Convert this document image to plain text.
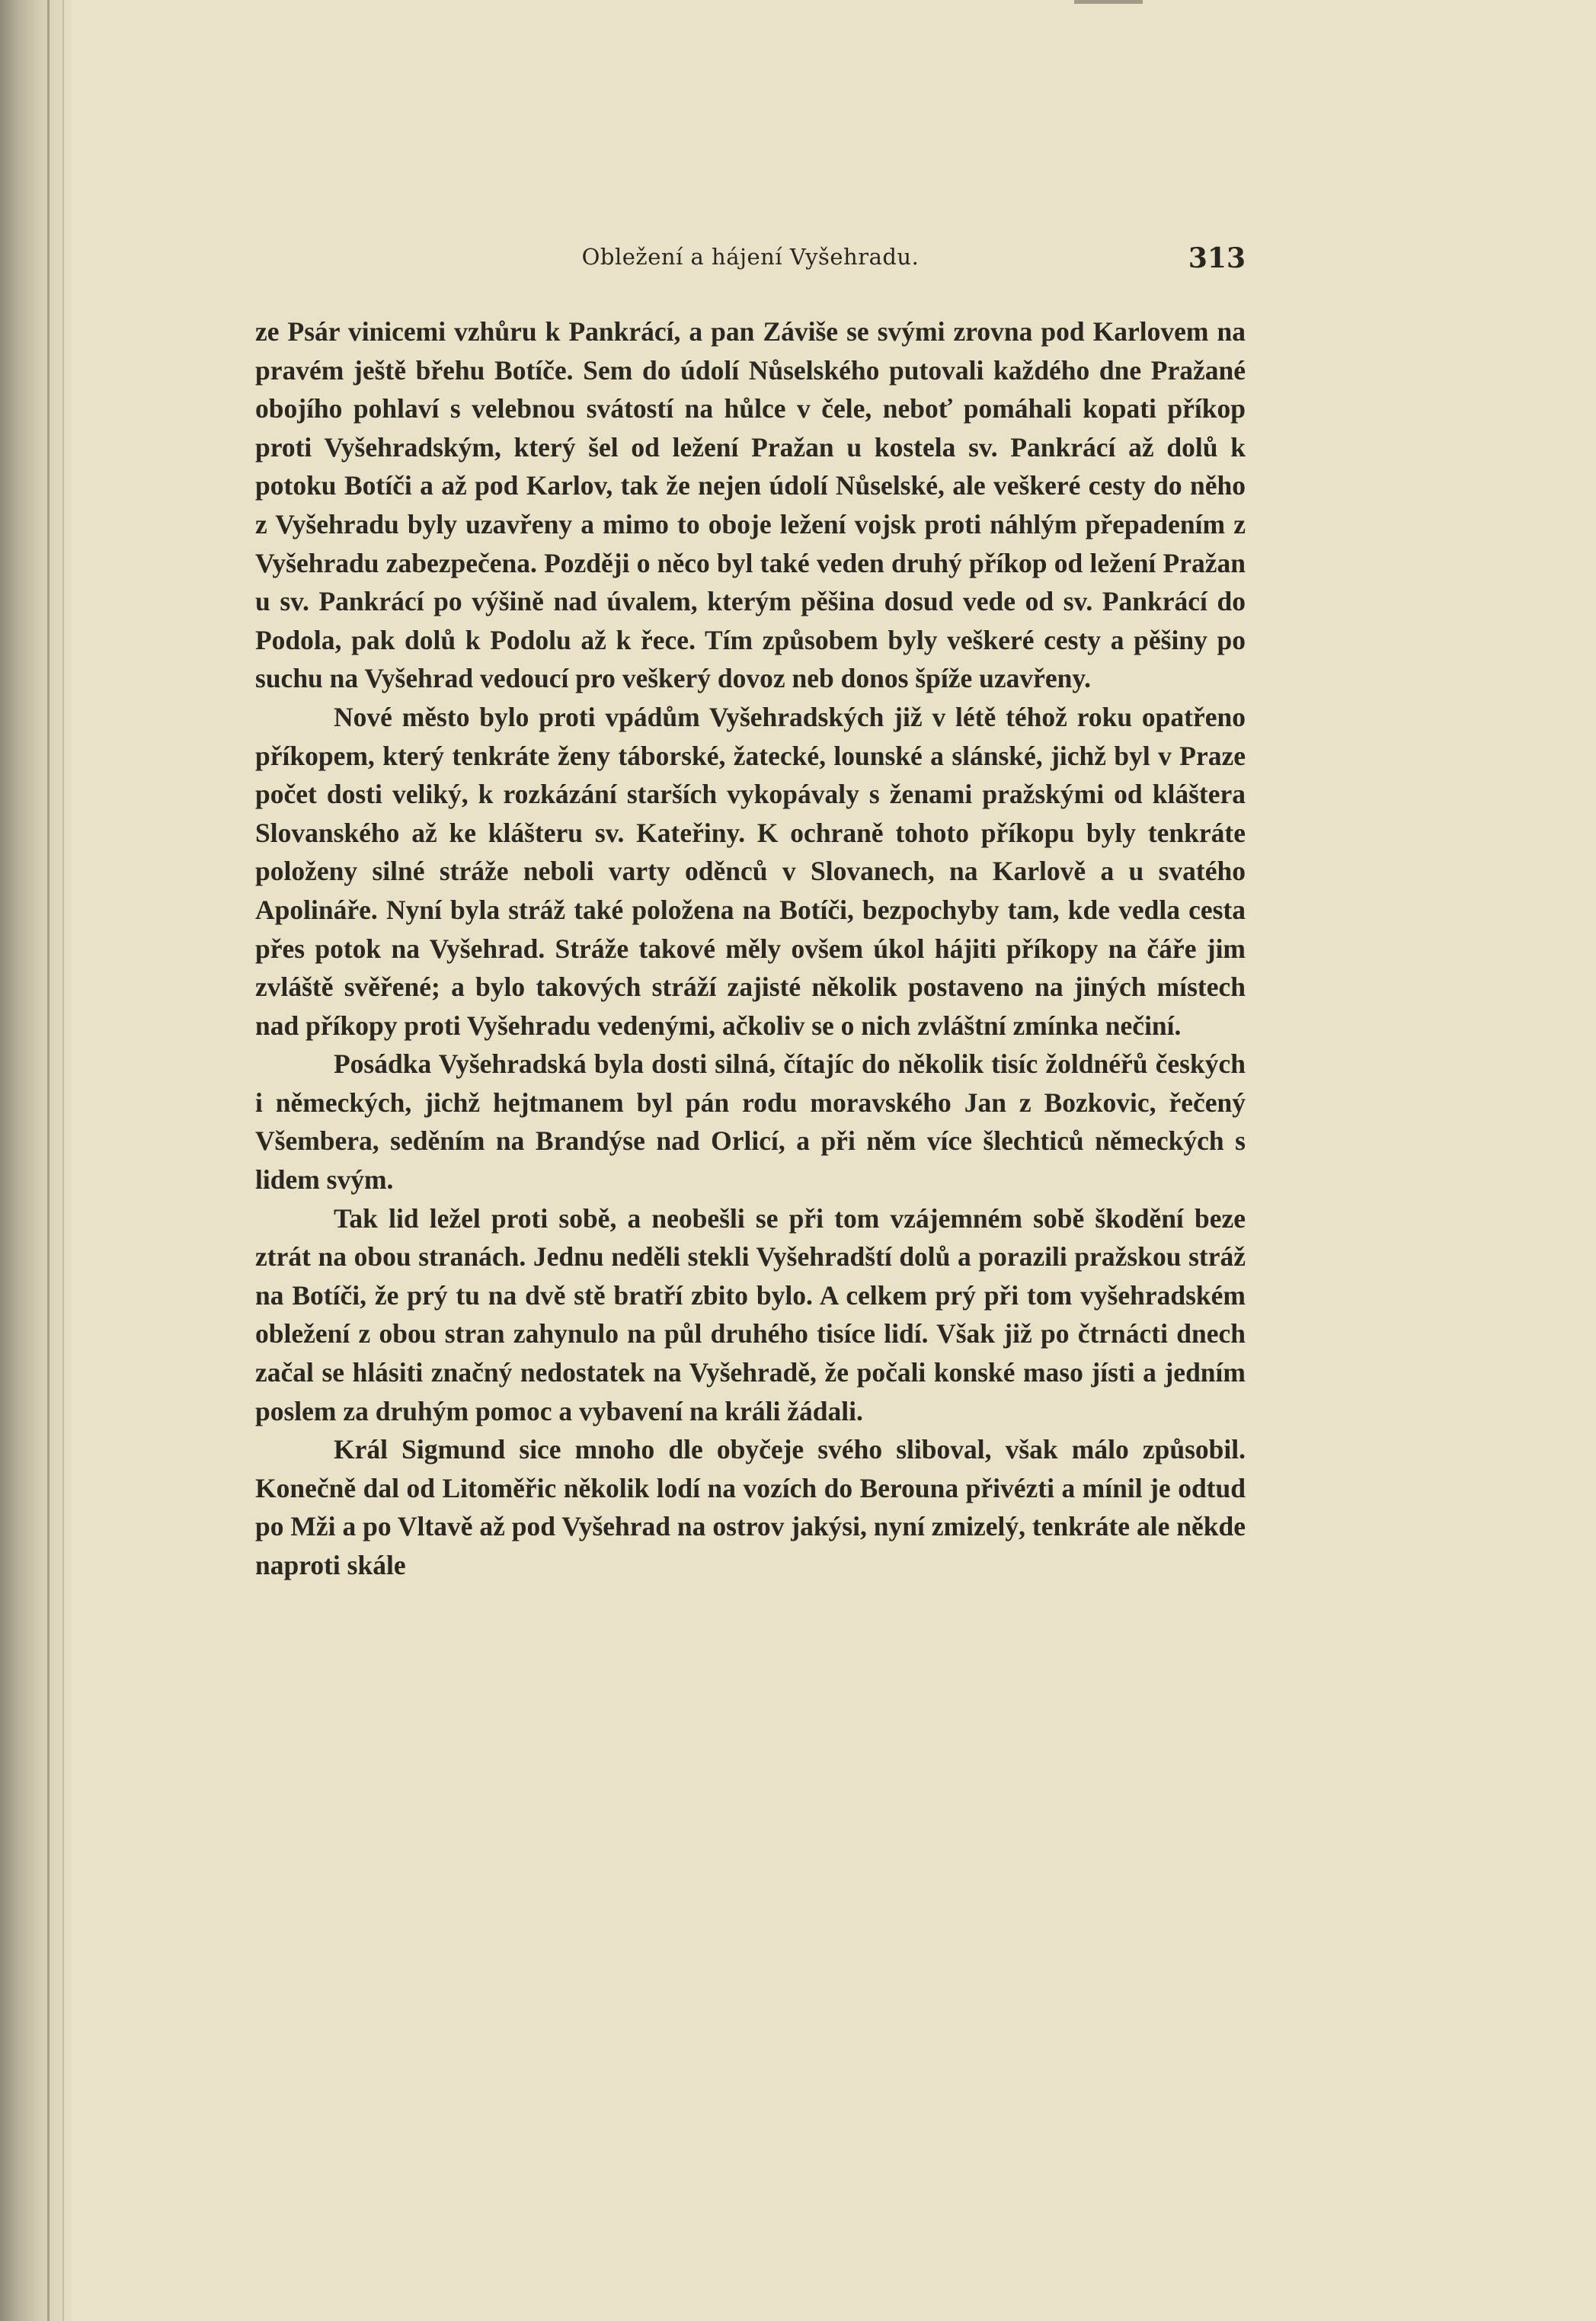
Obležení a hájení Vyšehradu.	313

ze Psár vinicemi vzhůru k Pankrácí, a pan Záviše se svými zrovna pod Karlovem na pravém ještě břehu Botíče. Sem do údolí Nůselského putovali každého dne Pražané obojího pohlaví s velebnou svátostí na hůlce v čele, neboť pomáhali kopati příkop proti Vyšehradským, který šel od ležení Pražan u kostela sv. Pankrácí až dolů k potoku Botíči a až pod Karlov, tak že nejen údolí Nůselské, ale veškeré cesty do něho z Vyšehradu byly uzavřeny a mimo to oboje ležení vojsk proti náhlým přepadením z Vyšehradu zabezpečena. Později o něco byl také veden druhý příkop od ležení Pražan u sv. Pankrácí po výšině nad úvalem, kterým pěšina dosud vede od sv. Pankrácí do Podola, pak dolů k Podolu až k řece. Tím způsobem byly veškeré cesty a pěšiny po suchu na Vyšehrad vedoucí pro veškerý dovoz neb donos špíže uzavřeny.

Nové město bylo proti vpádům Vyšehradských již v létě téhož roku opatřeno příkopem, který tenkráte ženy táborské, žatecké, lounské a slánské, jichž byl v Praze počet dosti veliký, k rozkázání starších vykopávaly s ženami pražskými od kláštera Slovanského až ke klášteru sv. Kateřiny. K ochraně tohoto příkopu byly tenkráte položeny silné stráže neboli varty oděnců v Slovanech, na Karlově a u svatého Apolináře. Nyní byla stráž také položena na Botíči, bezpochyby tam, kde vedla cesta přes potok na Vyšehrad. Stráže takové měly ovšem úkol hájiti příkopy na čáře jim zvláště svěřené; a bylo takových stráží zajisté několik postaveno na jiných místech nad příkopy proti Vyšehradu vedenými, ačkoliv se o nich zvláštní zmínka nečiní.

Posádka Vyšehradská byla dosti silná, čítajíc do několik tisíc žoldnéřů českých i německých, jichž hejtmanem byl pán rodu moravského Jan z Bozkovic, řečený Všembera, seděním na Brandýse nad Orlicí, a při něm více šlechticů německých s lidem svým.

Tak lid ležel proti sobě, a neobešli se při tom vzájemném sobě škodění beze ztrát na obou stranách. Jednu neděli stekli Vyšehradští dolů a porazili pražskou stráž na Botíči, že prý tu na dvě stě bratří zbito bylo. A celkem prý při tom vyšehradském obležení z obou stran zahynulo na půl druhého tisíce lidí. Však již po čtrnácti dnech začal se hlásiti značný nedostatek na Vyšehradě, že počali konské maso jísti a jedním poslem za druhým pomoc a vybavení na králi žádali.

Král Sigmund sice mnoho dle obyčeje svého sliboval, však málo způsobil. Konečně dal od Litoměřic několik lodí na vozích do Berouna přivézti a mínil je odtud po Mži a po Vltavě až pod Vyšehrad na ostrov jakýsi, nyní zmizelý, tenkráte ale někde naproti skále
